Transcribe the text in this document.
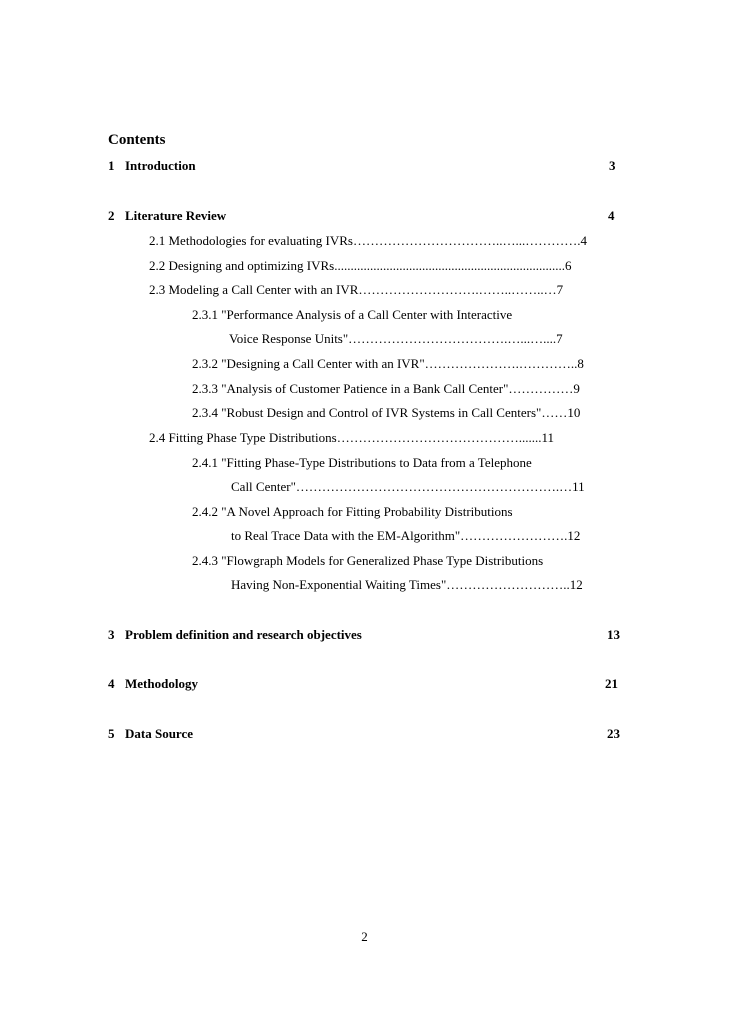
Contents
1 Introduction	3
2 Literature Review	4
2.1 Methodologies for evaluating IVRs……………………………..…...………….4
2.2 Designing and optimizing IVRs.......................................................................6
2.3 Modeling a Call Center with an IVR……………………….……..……..…7
2.3.1 "Performance Analysis of a Call Center with Interactive
Voice Response Units"……………………………….…...…....7
2.3.2 "Designing a Call Center with an IVR"………………….…………..8
2.3.3 "Analysis of Customer Patience in a Bank Call Center"……………9
2.3.4 "Robust Design and Control of IVR Systems in Call Centers"……10
2.4 Fitting Phase Type Distributions…………………………………….......11
2.4.1 "Fitting Phase-Type Distributions to Data from a Telephone
Call Center"…………………………………………………….…11
2.4.2 "A Novel Approach for Fitting Probability Distributions
to Real Trace Data with the EM-Algorithm"…………………….12
2.4.3 "Flowgraph Models for Generalized Phase Type Distributions
Having Non-Exponential Waiting Times"………………………..12
3 Problem definition and research objectives	13
4 Methodology	21
5 Data Source	23
2
